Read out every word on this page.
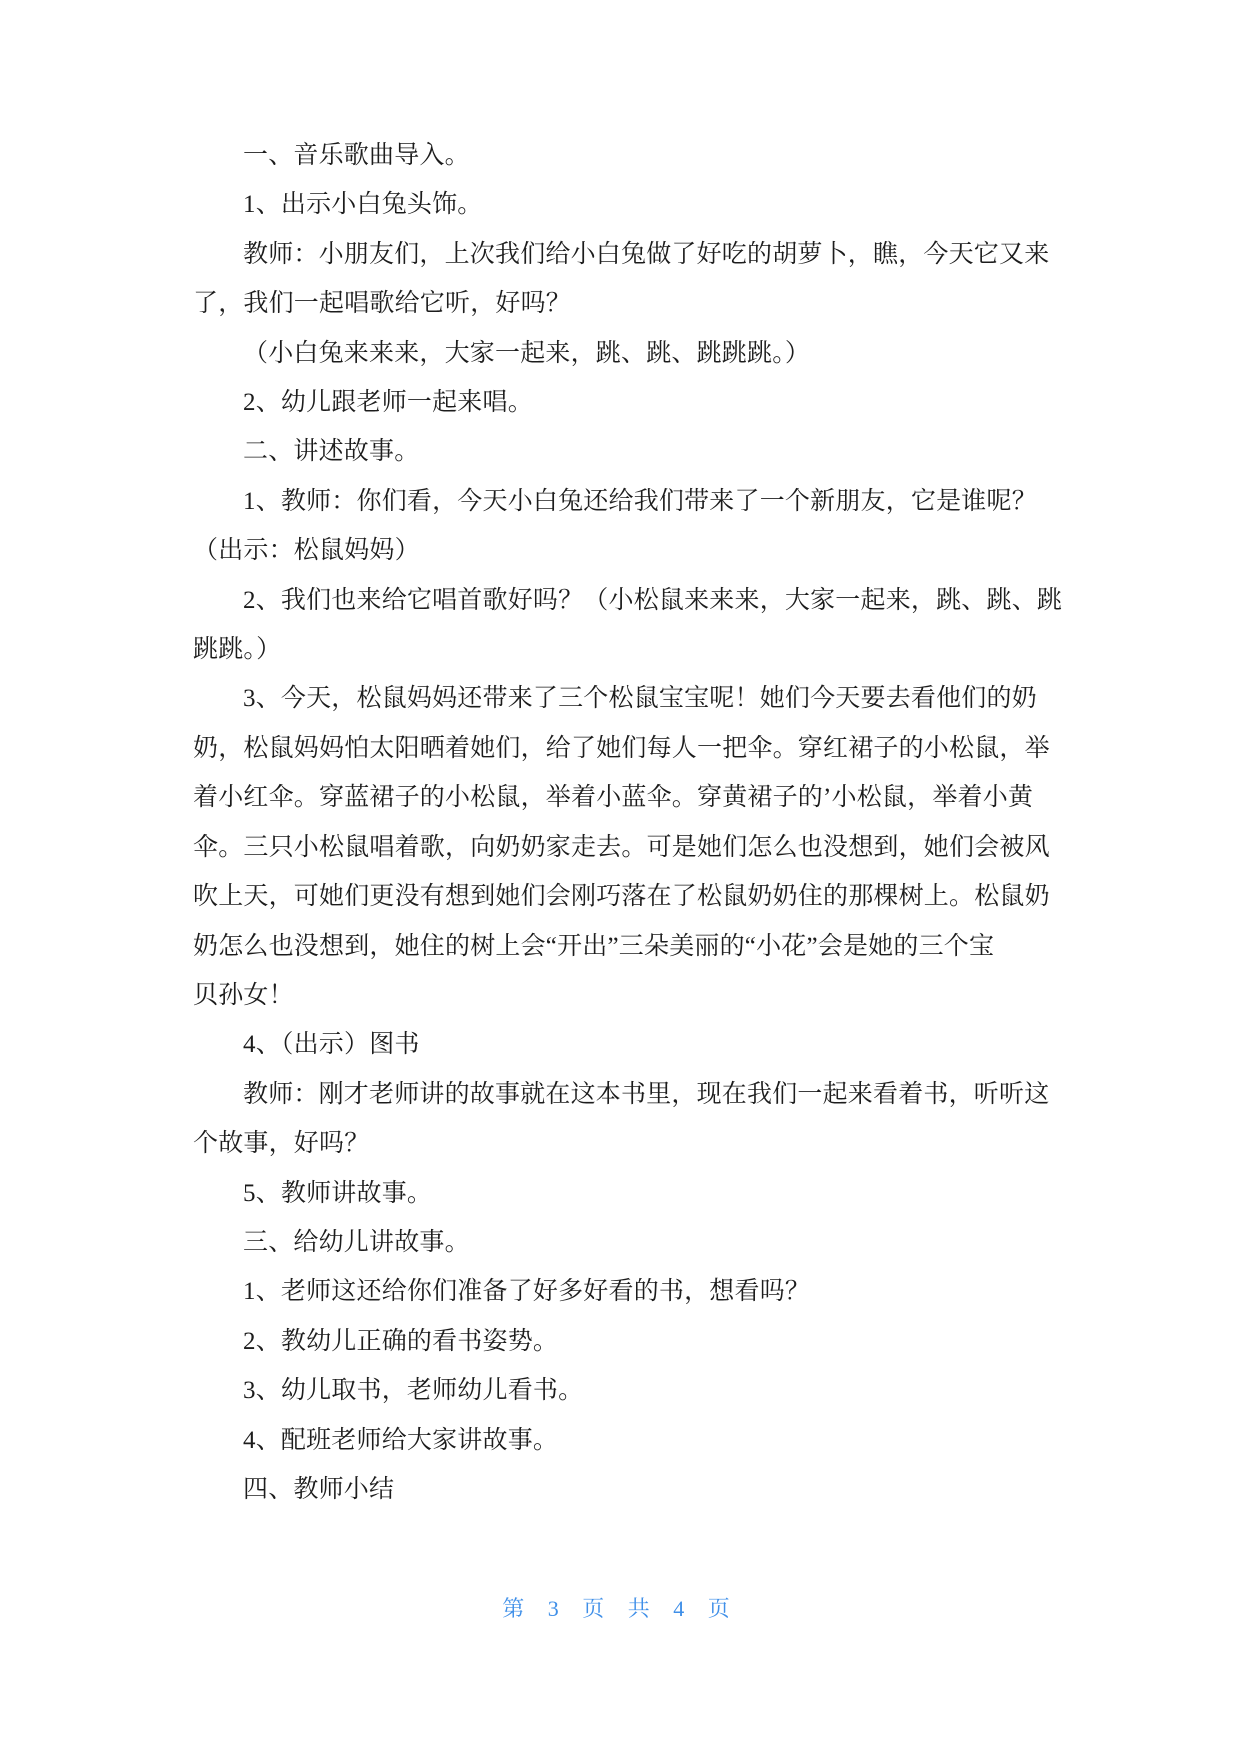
一、音乐歌曲导入。
1、出示小白兔头饰。
教师：小朋友们，上次我们给小白兔做了好吃的胡萝卜，瞧，今天它又来
了，我们一起唱歌给它听，好吗？
（小白兔来来来，大家一起来，跳、跳、跳跳跳。）
2、幼儿跟老师一起来唱。
二、讲述故事。
1、教师：你们看，今天小白兔还给我们带来了一个新朋友，它是谁呢？
（出示：松鼠妈妈）
2、我们也来给它唱首歌好吗？（小松鼠来来来，大家一起来，跳、跳、跳
跳跳。）
3、今天，松鼠妈妈还带来了三个松鼠宝宝呢！她们今天要去看他们的奶
奶，松鼠妈妈怕太阳晒着她们，给了她们每人一把伞。穿红裙子的小松鼠，举
着小红伞。穿蓝裙子的小松鼠，举着小蓝伞。穿黄裙子的’小松鼠，举着小黄
伞。三只小松鼠唱着歌，向奶奶家走去。可是她们怎么也没想到，她们会被风
吹上天，可她们更没有想到她们会刚巧落在了松鼠奶奶住的那棵树上。松鼠奶
奶怎么也没想到，她住的树上会“开出”三朵美丽的“小花”会是她的三个宝
贝孙女！
4、（出示）图书
教师：刚才老师讲的故事就在这本书里，现在我们一起来看着书，听听这
个故事，好吗？
5、教师讲故事。
三、给幼儿讲故事。
1、老师这还给你们准备了好多好看的书，想看吗？
2、教幼儿正确的看书姿势。
3、幼儿取书，老师幼儿看书。
4、配班老师给大家讲故事。
四、教师小结
第 3 页 共 4 页
